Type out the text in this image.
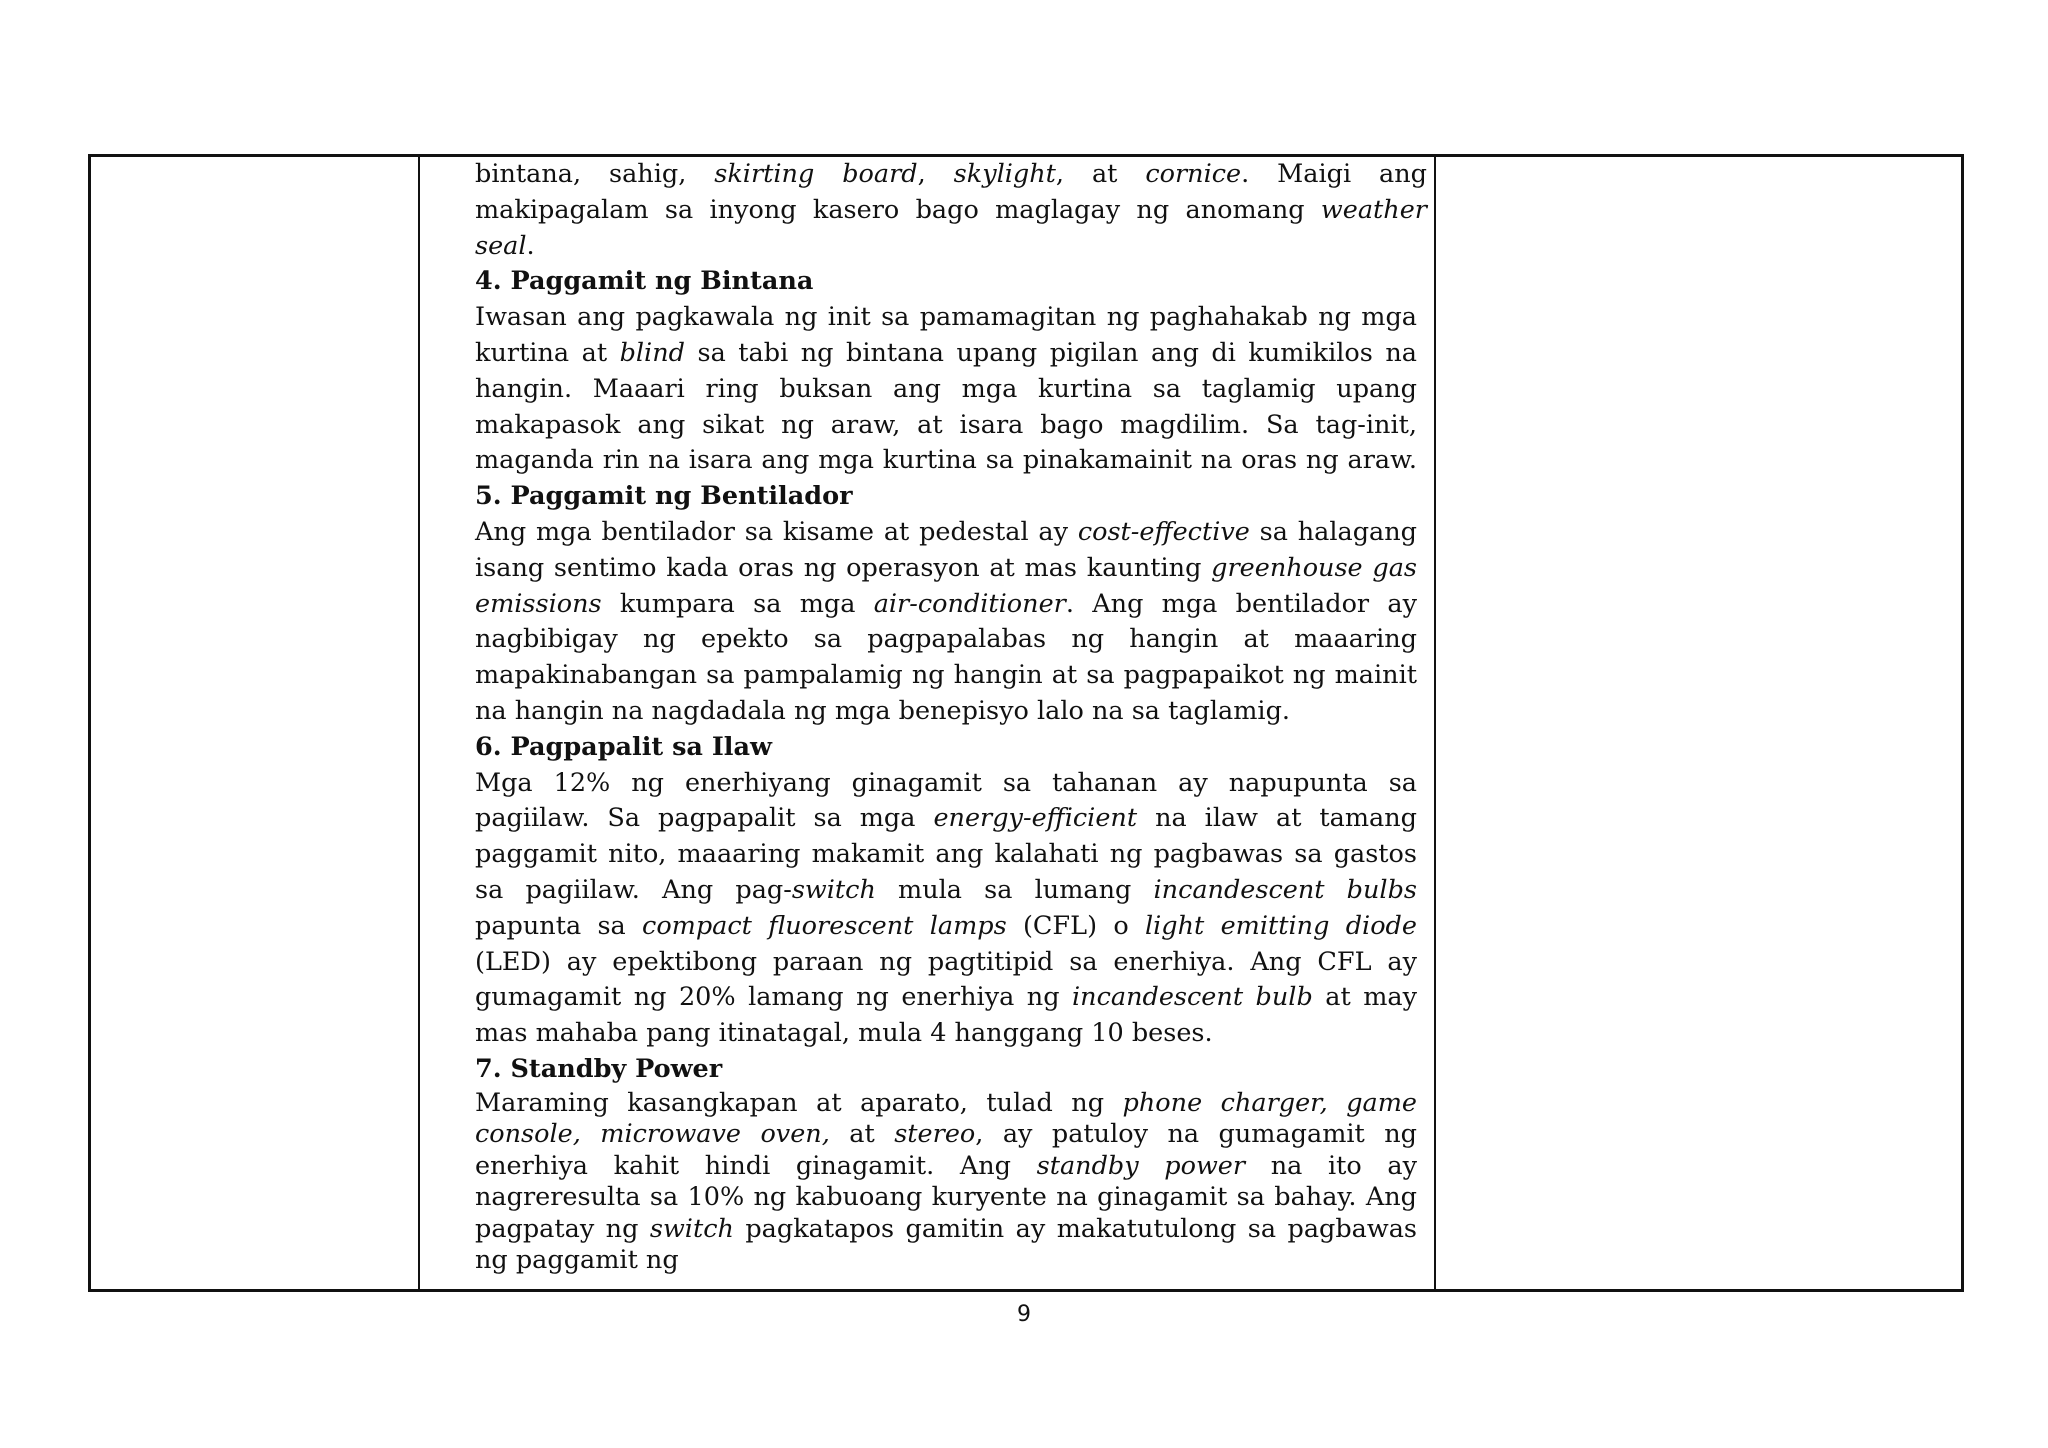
bintana, sahig, skirting board, skylight, at cornice. Maigi ang makipagalam sa inyong kasero bago maglagay ng anomang weather seal.

4. Paggamit ng Bintana

Iwasan ang pagkawala ng init sa pamamagitan ng paghahakab ng mga kurtina at blind sa tabi ng bintana upang pigilan ang di kumikilos na hangin. Maaari ring buksan ang mga kurtina sa taglamig upang makapasok ang sikat ng araw, at isara bago magdilim. Sa tag-init, maganda rin na isara ang mga kurtina sa pinakamainit na oras ng araw. 5. Paggamit ng Bentilador

Ang mga bentilador sa kisame at pedestal ay cost-effective sa halagang isang sentimo kada oras ng operasyon at mas kaunting greenhouse gas emissions kumpara sa mga air-conditioner. Ang mga bentilador ay nagbibigay ng epekto sa pagpapalabas ng hangin at maaaring mapakinabangan sa pampalamig ng hangin at sa pagpapaikot ng mainit na hangin na nagdadala ng mga benepisyo lalo na sa taglamig.

6. Pagpapalit sa Ilaw

Mga 12% ng enerhiyang ginagamit sa tahanan ay napupunta sa pagiilaw. Sa pagpapalit sa mga energy-efficient na ilaw at tamang paggamit nito, maaaring makamit ang kalahati ng pagbawas sa gastos sa pagiilaw. Ang pag-switch mula sa lumang incandescent bulbs papunta sa compact fluorescent lamps (CFL) o light emitting diode (LED) ay epektibong paraan ng pagtitipid sa enerhiya. Ang CFL ay gumagamit ng 20% lamang ng enerhiya ng incandescent bulb at may mas mahaba pang itinatagal, mula 4 hanggang 10 beses.

7. Standby Power

Maraming kasangkapan at aparato, tulad ng phone charger, game console, microwave oven, at stereo, ay patuloy na gumagamit ng enerhiya kahit hindi ginagamit. Ang standby power na ito ay nagreresulta sa 10% ng kabuoang kuryente na ginagamit sa bahay. Ang pagpatay ng switch pagkatapos gamitin ay makatutulong sa pagbawas ng paggamit ng

9
